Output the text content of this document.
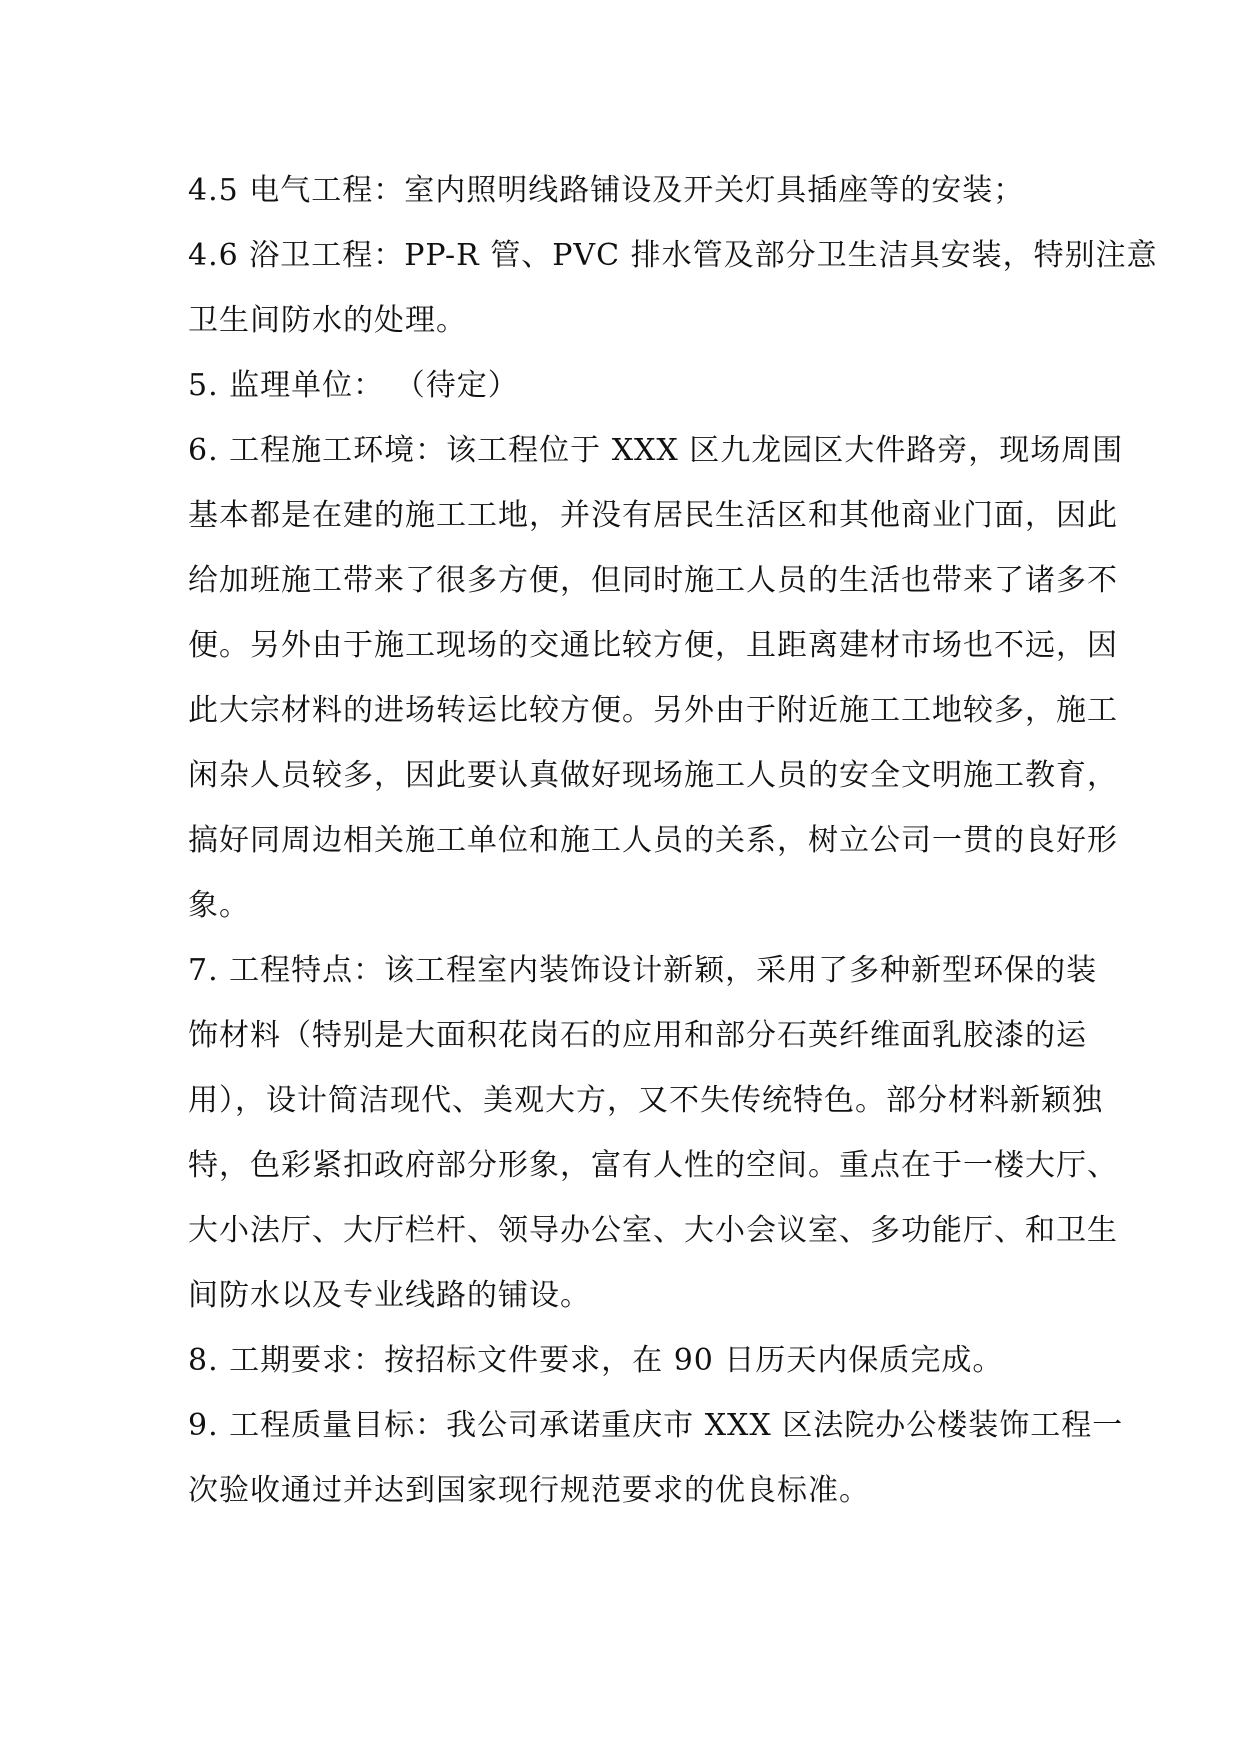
4.5 电气工程：室内照明线路铺设及开关灯具插座等的安装；

4.6 浴卫工程：PP-R 管、PVC 排水管及部分卫生洁具安装，特别注意
卫生间防水的处理。

5. 监理单位： （待定）

6. 工程施工环境：该工程位于 XXX 区九龙园区大件路旁，现场周围
基本都是在建的施工工地，并没有居民生活区和其他商业门面，因此
给加班施工带来了很多方便，但同时施工人员的生活也带来了诸多不
便。另外由于施工现场的交通比较方便，且距离建材市场也不远，因
此大宗材料的进场转运比较方便。另外由于附近施工工地较多，施工
闲杂人员较多，因此要认真做好现场施工人员的安全文明施工教育，
搞好同周边相关施工单位和施工人员的关系，树立公司一贯的良好形
象。

7. 工程特点：该工程室内装饰设计新颖，采用了多种新型环保的装
饰材料（特别是大面积花岗石的应用和部分石英纤维面乳胶漆的运
用），设计简洁现代、美观大方，又不失传统特色。部分材料新颖独
特，色彩紧扣政府部分形象，富有人性的空间。重点在于一楼大厅、
大小法厅、大厅栏杆、领导办公室、大小会议室、多功能厅、和卫生
间防水以及专业线路的铺设。

8. 工期要求：按招标文件要求，在 90 日历天内保质完成。

9. 工程质量目标：我公司承诺重庆市 XXX 区法院办公楼装饰工程一
次验收通过并达到国家现行规范要求的优良标准。
